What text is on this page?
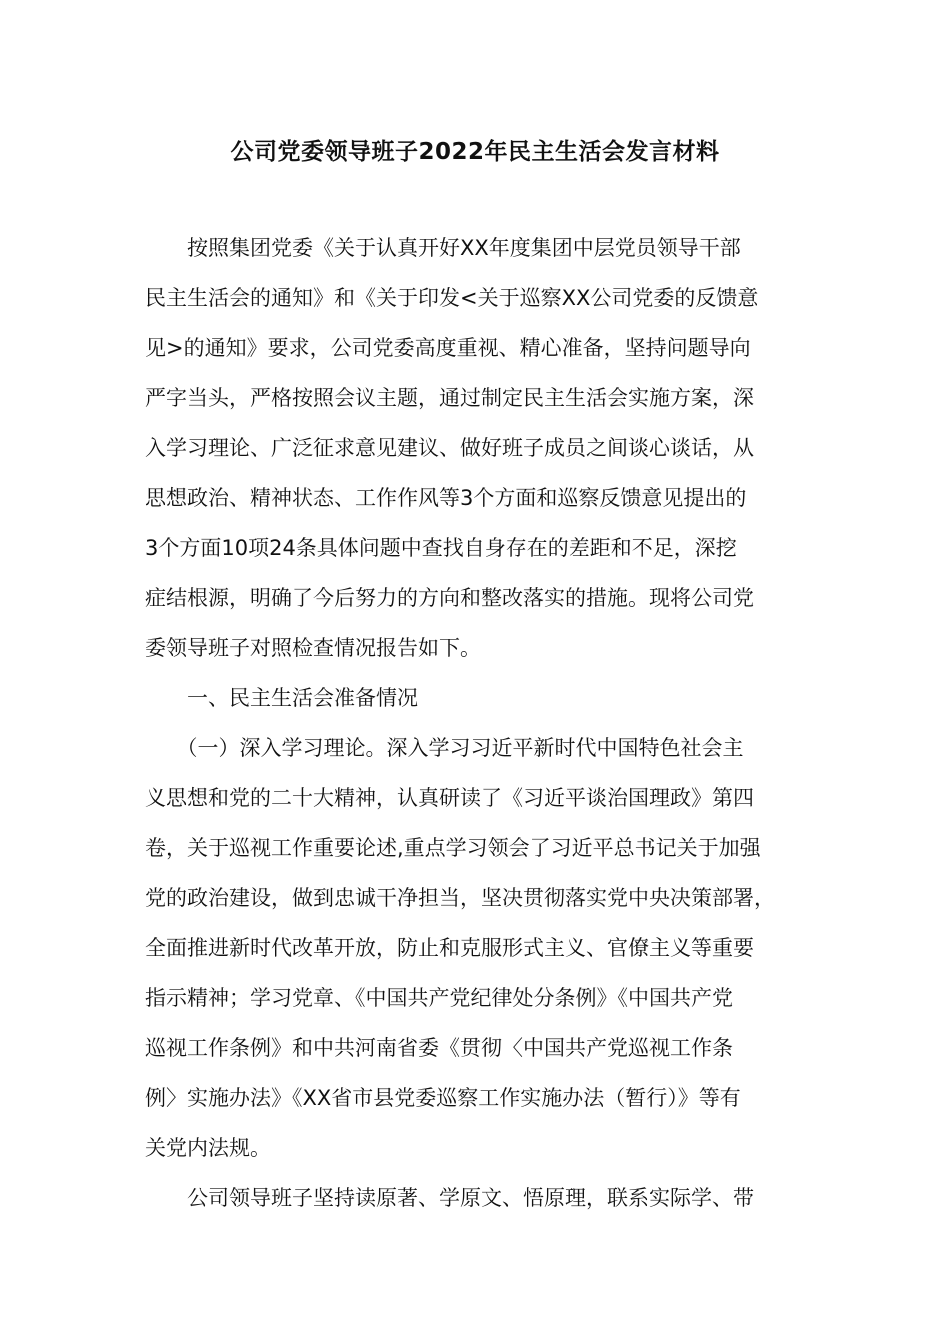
公司党委领导班子2022年民主生活会发言材料

　　按照集团党委《关于认真开好XX年度集团中层党员领导干部

民主生活会的通知》和《关于印发<关于巡察XX公司党委的反馈意

见>的通知》要求，公司党委高度重视、精心准备，坚持问题导向

严字当头，严格按照会议主题，通过制定民主生活会实施方案，深

入学习理论、广泛征求意见建议、做好班子成员之间谈心谈话，从

思想政治、精神状态、工作作风等3个方面和巡察反馈意见提出的

3个方面10项24条具体问题中查找自身存在的差距和不足，深挖

症结根源，明确了今后努力的方向和整改落实的措施。现将公司党

委领导班子对照检查情况报告如下。

　　一、民主生活会准备情况

　　（一）深入学习理论。深入学习习近平新时代中国特色社会主

义思想和党的二十大精神，认真研读了《习近平谈治国理政》第四

卷，关于巡视工作重要论述,重点学习领会了习近平总书记关于加强

党的政治建设，做到忠诚干净担当，坚决贯彻落实党中央决策部署，

全面推进新时代改革开放，防止和克服形式主义、官僚主义等重要

指示精神；学习党章、《中国共产党纪律处分条例》《中国共产党

巡视工作条例》和中共河南省委《贯彻〈中国共产党巡视工作条

例〉实施办法》《XX省市县党委巡察工作实施办法（暂行）》等有

关党内法规。

　　公司领导班子坚持读原著、学原文、悟原理，联系实际学、带
